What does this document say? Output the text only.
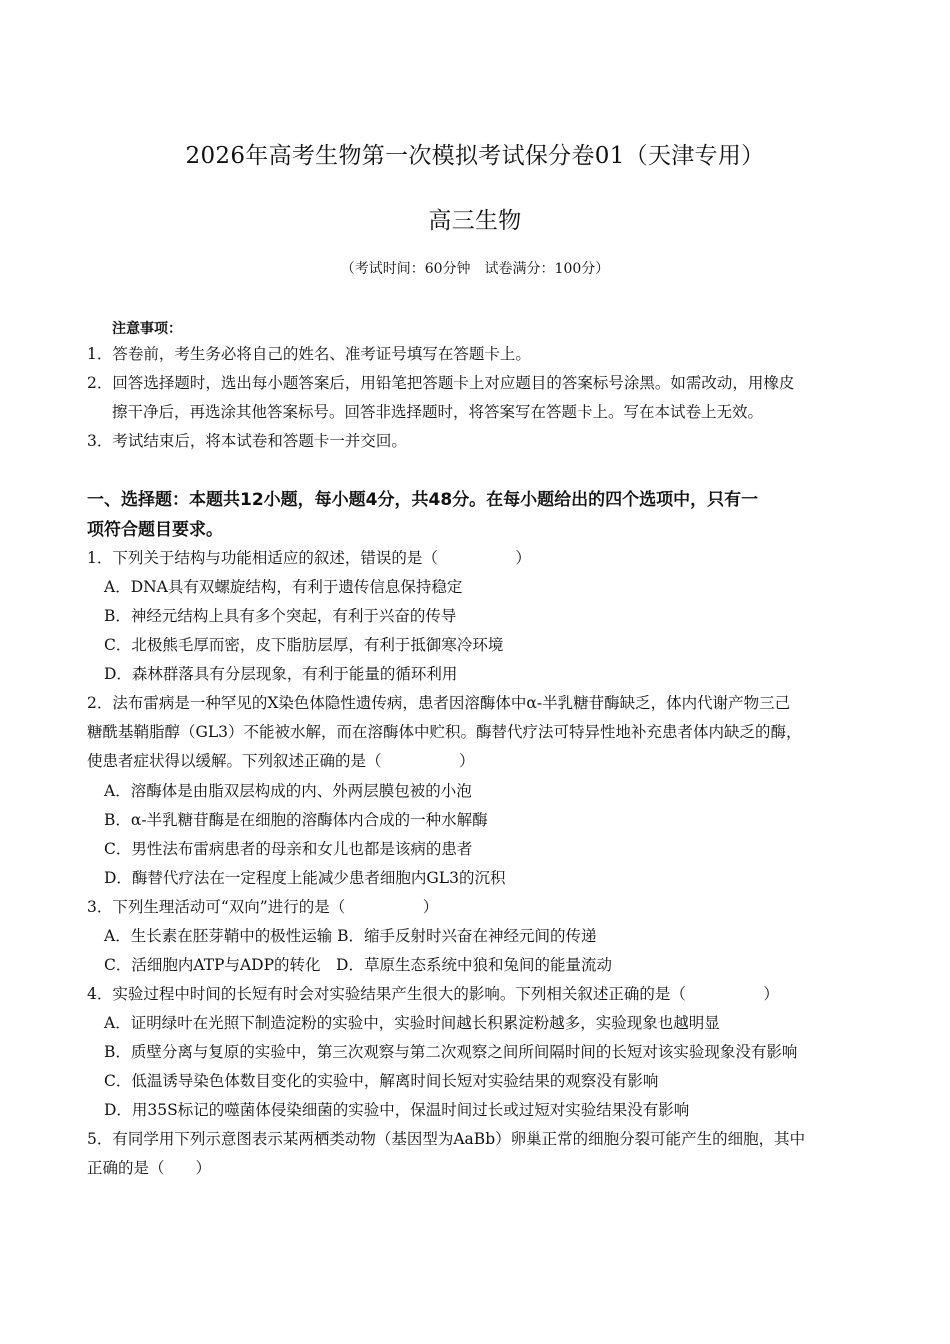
2026年高考生物第一次模拟考试保分卷01（天津专用）
高三生物
（考试时间：60分钟　试卷满分：100分）
注意事项：
1．答卷前，考生务必将自己的姓名、准考证号填写在答题卡上。
2．回答选择题时，选出每小题答案后，用铅笔把答题卡上对应题目的答案标号涂黑。如需改动，用橡皮
擦干净后，再选涂其他答案标号。回答非选择题时，将答案写在答题卡上。写在本试卷上无效。
3．考试结束后，将本试卷和答题卡一并交回。
一、选择题：本题共12小题，每小题4分，共48分。在每小题给出的四个选项中，只有一
项符合题目要求。
1．下列关于结构与功能相适应的叙述，错误的是（　　　　　）
A．DNA具有双螺旋结构，有利于遗传信息保持稳定
B．神经元结构上具有多个突起，有利于兴奋的传导
C．北极熊毛厚而密，皮下脂肪层厚，有利于抵御寒冷环境
D．森林群落具有分层现象，有利于能量的循环利用
2．法布雷病是一种罕见的X染色体隐性遗传病，患者因溶酶体中α-半乳糖苷酶缺乏，体内代谢产物三己
糖酰基鞘脂醇（GL3）不能被水解，而在溶酶体中贮积。酶替代疗法可特异性地补充患者体内缺乏的酶，
使患者症状得以缓解。下列叙述正确的是（　　　　　）
A．溶酶体是由脂双层构成的内、外两层膜包被的小泡
B．α-半乳糖苷酶是在细胞的溶酶体内合成的一种水解酶
C．男性法布雷病患者的母亲和女儿也都是该病的患者
D．酶替代疗法在一定程度上能减少患者细胞内GL3的沉积
3．下列生理活动可“双向”进行的是（　　　　　）
A．生长素在胚芽鞘中的极性运输 B．缩手反射时兴奋在神经元间的传递
C．活细胞内ATP与ADP的转化　D．草原生态系统中狼和兔间的能量流动
4．实验过程中时间的长短有时会对实验结果产生很大的影响。下列相关叙述正确的是（　　　　　）
A．证明绿叶在光照下制造淀粉的实验中，实验时间越长积累淀粉越多，实验现象也越明显
B．质壁分离与复原的实验中，第三次观察与第二次观察之间所间隔时间的长短对该实验现象没有影响
C．低温诱导染色体数目变化的实验中，解离时间长短对实验结果的观察没有影响
D．用35S标记的噬菌体侵染细菌的实验中，保温时间过长或过短对实验结果没有影响
5．有同学用下列示意图表示某两栖类动物（基因型为AaBb）卵巢正常的细胞分裂可能产生的细胞，其中
正确的是（　　）
